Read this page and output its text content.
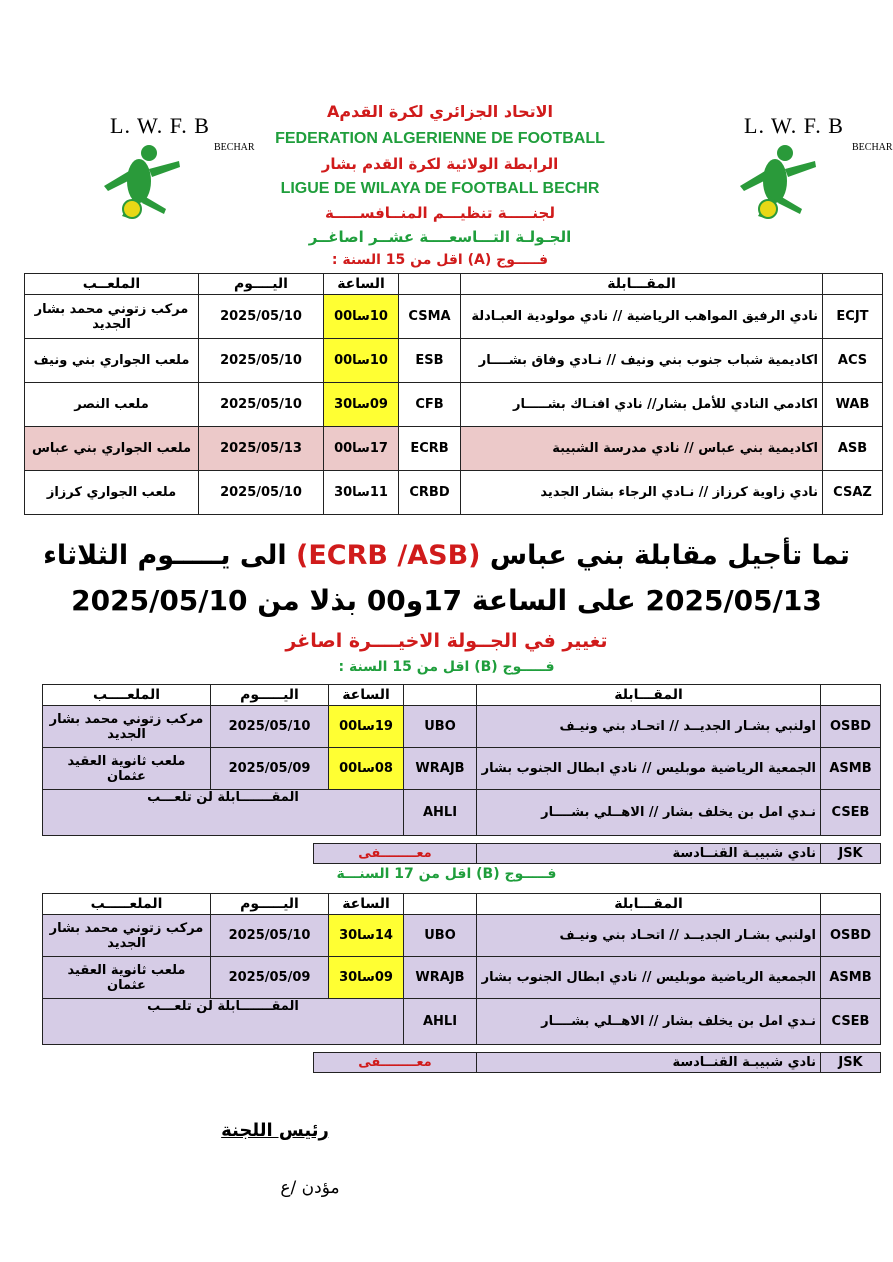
L. W. F. B
BECHAR
L. W. F. B
BECHAR
الاتحاد الجزائري لكرة القدمA
FEDERATION ALGERIENNE DE FOOTBALL
الرابطة الولائية لكرة القدم بشار
LIGUE DE WILAYA DE FOOTBALL BECHR
لجنـــــة تنظيـــم المنــافســـــة
الجـولـة التـــاسعــــة عشــر اصاغــر
فـــــوج (A) اقل من 15 السنة :
	المقـــابلة		الساعة	اليــــوم	الملعــب
ECJT	نادي الرفيق المواهب الرياضية // نادي مولودية العبـادلة	CSMA	10سا00	2025/05/10	مركب زتوني محمد بشار الجديد
ACS	اكاديمية شباب جنوب بني ونيف // نـادي وفاق بشــــار	ESB	10سا00	2025/05/10	ملعب الجواري بني ونيف
WAB	اكادمي النادي للأمل بشار// نادي افنـاك بشـــــار	CFB	09سا30	2025/05/10	ملعب النصر
ASB	اكاديمية بني عباس // نادي مدرسة الشبيبة	ECRB	17سا00	2025/05/13	ملعب الجواري بني عباس
CSAZ	نادي زاوية كرزاز // نـادي الرجاء بشار الجديد	CRBD	11سا30	2025/05/10	ملعب الجواري كرزاز
تما تأجيل مقابلة بني عباس (ECRB /ASB) الى يـــــوم الثلاثاء
2025/05/13 على الساعة 17و00 بذلا من 2025/05/10
تغيير في الجــولة الاخيــــرة اصاغر
فـــــوج (B) اقل من 15 السنة :
	المقـــابلة		الساعة	اليـــــوم	الملعــــب
OSBD	اولنبي بشـار الجديــد // اتحـاد بني ونيـف	UBO	19سا00	2025/05/10	مركب زتوني محمد بشار الجديد
ASMB	الجمعية الرياضية موبليس // نادي ابطال الجنوب بشار	WRAJB	08سا00	2025/05/09	ملعب ثانوية العقيد عثمان
CSEB	نـدي امل بن يخلف بشار // الاهــلي بشــــار	AHLI	المقـــــــابلة لن تلعـــب		
JSK	نادي شبيبـة القنــادسة	معــــــــفى
فـــــوج (B) اقل من 17 السنـــة
	المقـــابلة		الساعة	اليـــــوم	الملعـــــب
OSBD	اولنبي بشـار الجديــد // اتحـاد بني ونيـف	UBO	14سا30	2025/05/10	مركب زتوني محمد بشار الجديد
ASMB	الجمعية الرياضية موبليس // نادي ابطال الجنوب بشار	WRAJB	09سا30	2025/05/09	ملعب ثانوية العقيد عثمان
CSEB	نـدي امل بن يخلف بشار // الاهــلي بشــــار	AHLI	المقـــــــابلة لن تلعـــب		
JSK	نادي شبيبـة القنــادسة	معــــــــفى
رئيس اللجنة
مؤدن /ع
